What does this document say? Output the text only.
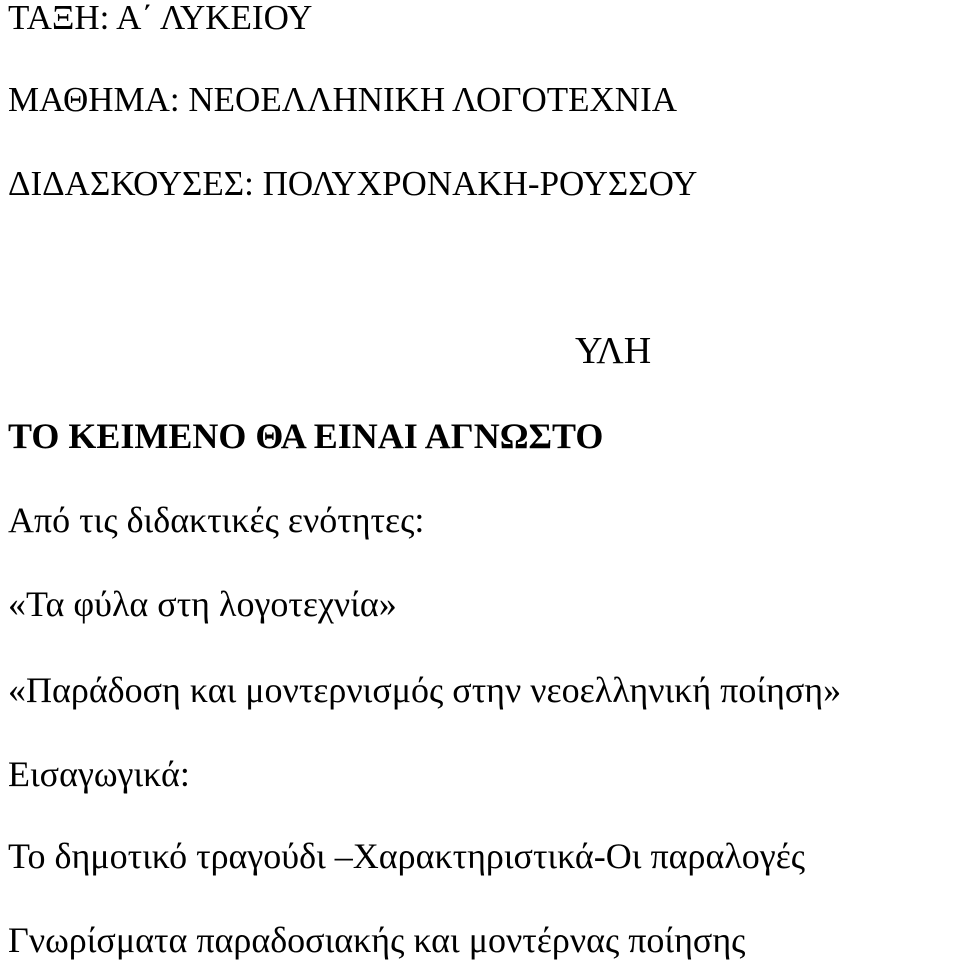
ΤΑΞΗ: Α΄ ΛΥΚΕΙΟΥ
ΜΑΘΗΜΑ: ΝΕΟΕΛΛΗΝΙΚΗ ΛΟΓΟΤΕΧΝΙΑ
ΔΙΔΑΣΚΟΥΣΕΣ: ΠΟΛΥΧΡΟΝΑΚΗ-ΡΟΥΣΣΟΥ
ΥΛΗ
ΤΟ ΚΕΙΜΕΝΟ ΘΑ ΕΙΝΑΙ ΑΓΝΩΣΤΟ
Από τις διδακτικές ενότητες:
«Τα φύλα στη λογοτεχνία»
«Παράδοση και μοντερνισμός στην νεοελληνική ποίηση»
Εισαγωγικά:
Το δημοτικό τραγούδι –Χαρακτηριστικά-Οι παραλογές
Γνωρίσματα παραδοσιακής και μοντέρνας ποίησης
